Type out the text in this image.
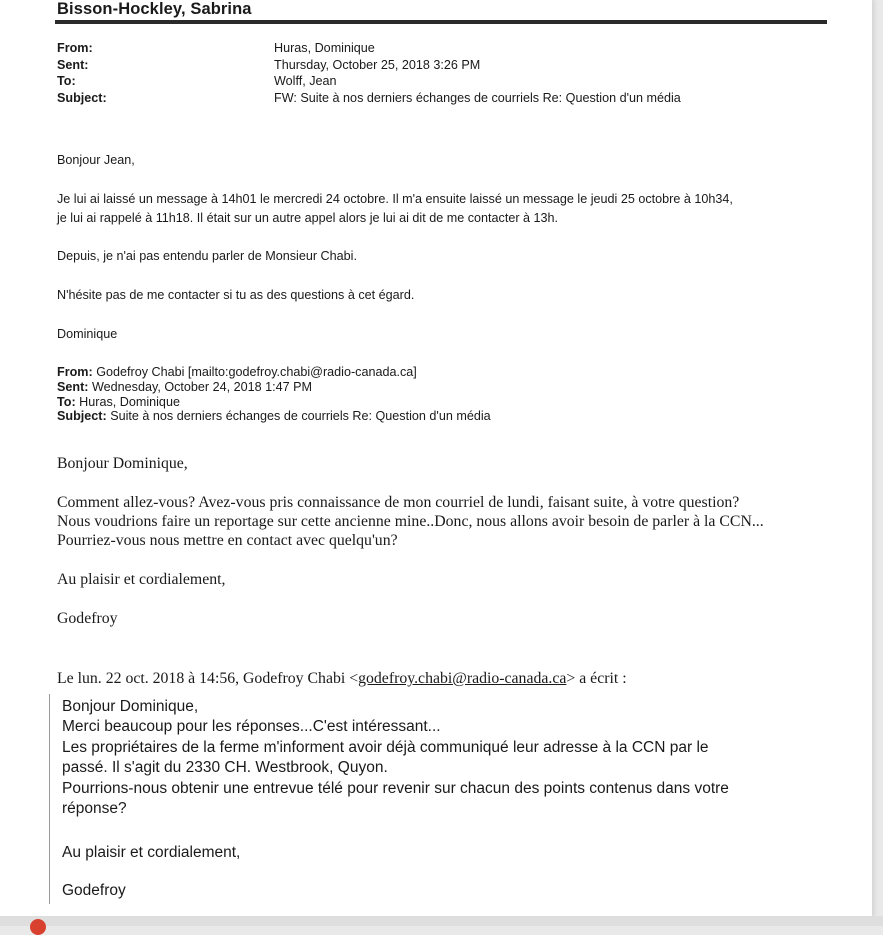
Bisson-Hockley, Sabrina
From:	Huras, Dominique
Sent:	Thursday, October 25, 2018 3:26 PM
To:	Wolff, Jean
Subject:	FW: Suite à nos derniers échanges de courriels Re: Question d'un média
Bonjour Jean,
Je lui ai laissé un message à 14h01 le mercredi 24 octobre. Il m'a ensuite laissé un message le jeudi 25 octobre à 10h34,
je lui ai rappelé à 11h18. Il était sur un autre appel alors je lui ai dit de me contacter à 13h.
Depuis, je n'ai pas entendu parler de Monsieur Chabi.
N'hésite pas de me contacter si tu as des questions à cet égard.
Dominique
From: Godefroy Chabi [mailto:godefroy.chabi@radio-canada.ca]
Sent: Wednesday, October 24, 2018 1:47 PM
To: Huras, Dominique
Subject: Suite à nos derniers échanges de courriels Re: Question d'un média
Bonjour Dominique,
Comment allez-vous? Avez-vous pris connaissance de mon courriel de lundi, faisant suite, à votre question?
Nous voudrions faire un reportage sur cette ancienne mine..Donc, nous allons avoir besoin de parler à la CCN...
Pourriez-vous nous mettre en contact avec quelqu'un?
Au plaisir et cordialement,
Godefroy
Le lun. 22 oct. 2018 à 14:56, Godefroy Chabi <godefroy.chabi@radio-canada.ca> a écrit :
Bonjour Dominique,
Merci beaucoup pour les réponses...C'est intéressant...
Les propriétaires de la ferme m'informent avoir déjà communiqué leur adresse à la CCN par le
passé. Il s'agit du 2330 CH. Westbrook, Quyon.
Pourrions-nous obtenir une entrevue télé pour revenir sur chacun des points contenus dans votre
réponse?
Au plaisir et cordialement,
Godefroy
